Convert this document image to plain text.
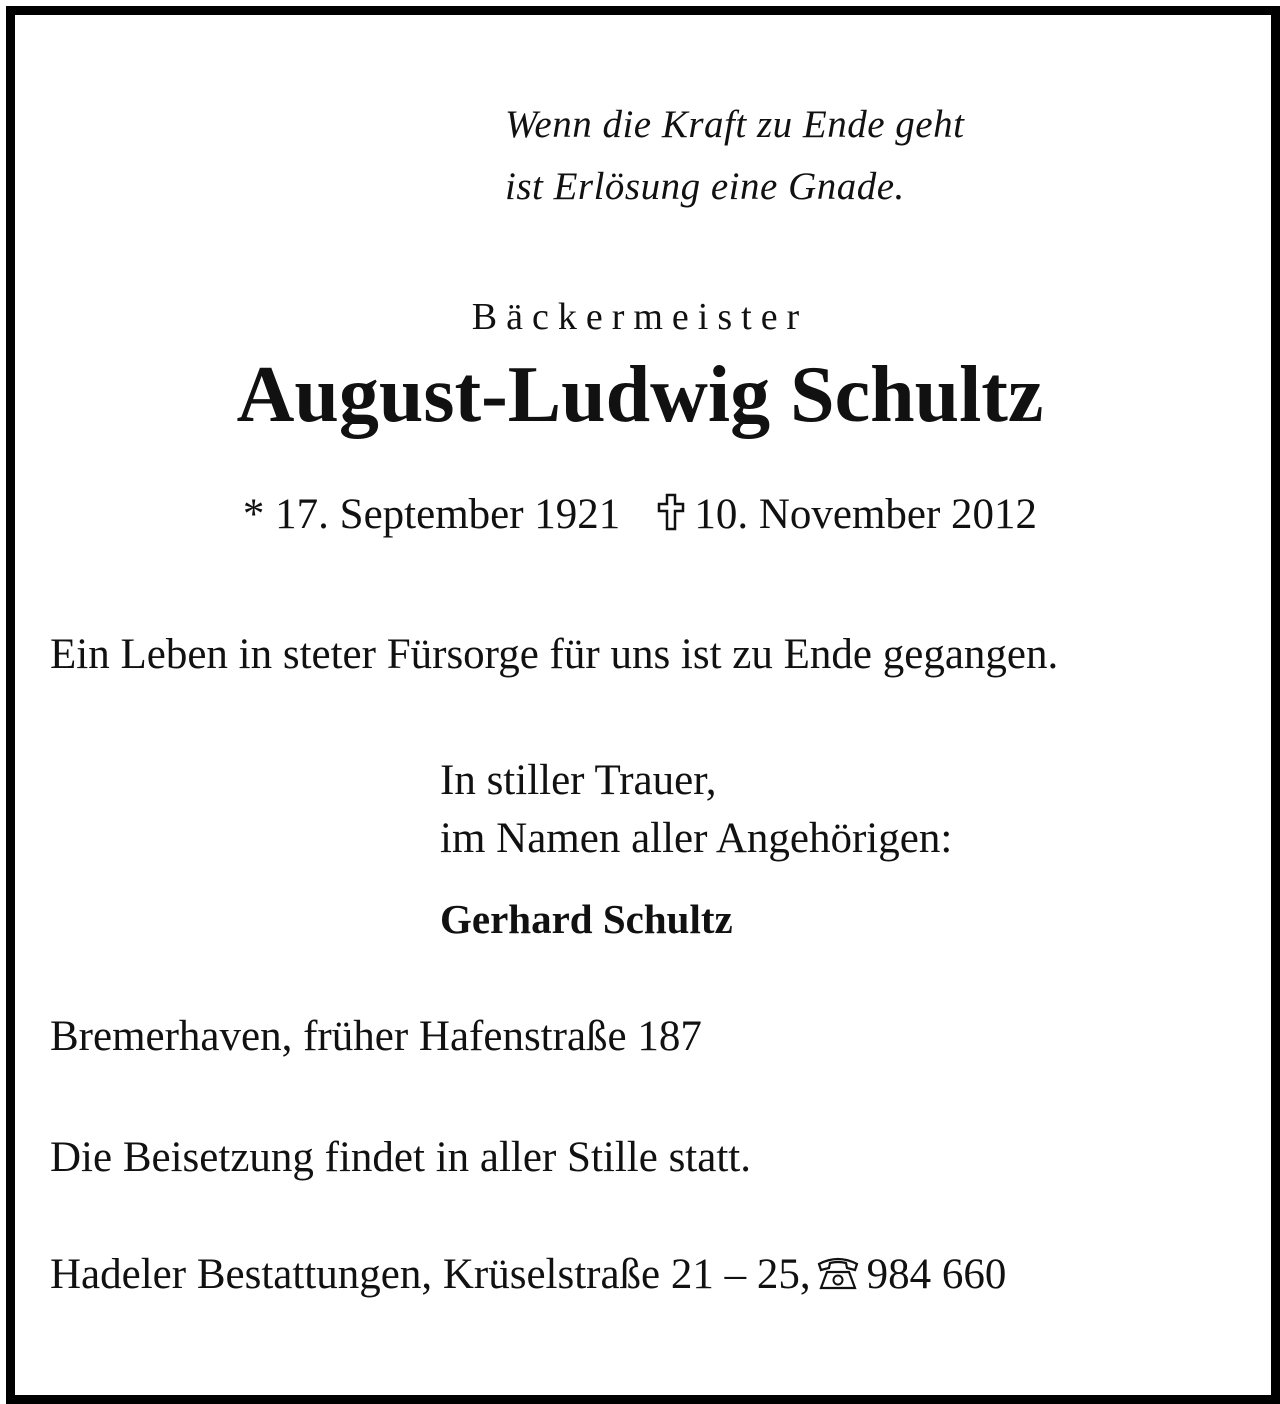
Wenn die Kraft zu Ende geht
ist Erlösung eine Gnade.
Bäckermeister
August-Ludwig Schultz
* 17. September 1921 10. November 2012
Ein Leben in steter Fürsorge für uns ist zu Ende gegangen.
In stiller Trauer,
im Namen aller Angehörigen:
Gerhard Schultz
Bremerhaven, früher Hafenstraße 187
Die Beisetzung findet in aller Stille statt.
Hadeler Bestattungen, Krüselstraße 21 – 25, 984 660
